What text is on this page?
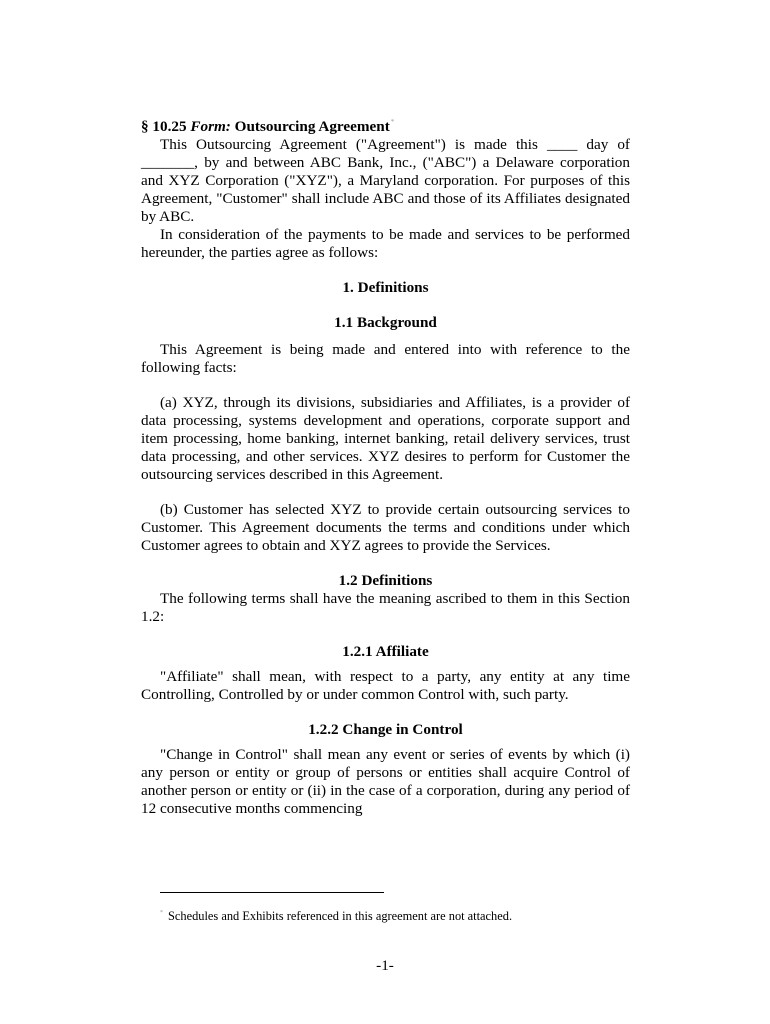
§ 10.25 Form: Outsourcing Agreement*

This Outsourcing Agreement ("Agreement") is made this ____ day of _______, by and between ABC Bank, Inc., ("ABC") a Delaware corporation and XYZ Corporation ("XYZ"), a Maryland corporation. For purposes of this Agreement, "Customer" shall include ABC and those of its Affiliates designated by ABC.

In consideration of the payments to be made and services to be performed hereunder, the parties agree as follows:

1. Definitions

1.1 Background

This Agreement is being made and entered into with reference to the following facts:

(a) XYZ, through its divisions, subsidiaries and Affiliates, is a provider of data processing, systems development and operations, corporate support and item processing, home banking, internet banking, retail delivery services, trust data processing, and other services. XYZ desires to perform for Customer the outsourcing services described in this Agreement.

(b) Customer has selected XYZ to provide certain outsourcing services to Customer. This Agreement documents the terms and conditions under which Customer agrees to obtain and XYZ agrees to provide the Services.

1.2 Definitions

The following terms shall have the meaning ascribed to them in this Section 1.2:

1.2.1 Affiliate

"Affiliate" shall mean, with respect to a party, any entity at any time Controlling, Controlled by or under common Control with, such party.

1.2.2 Change in Control

"Change in Control" shall mean any event or series of events by which (i) any person or entity or group of persons or entities shall acquire Control of another person or entity or (ii) in the case of a corporation, during any period of 12 consecutive months commencing

* Schedules and Exhibits referenced in this agreement are not attached.

-1-
